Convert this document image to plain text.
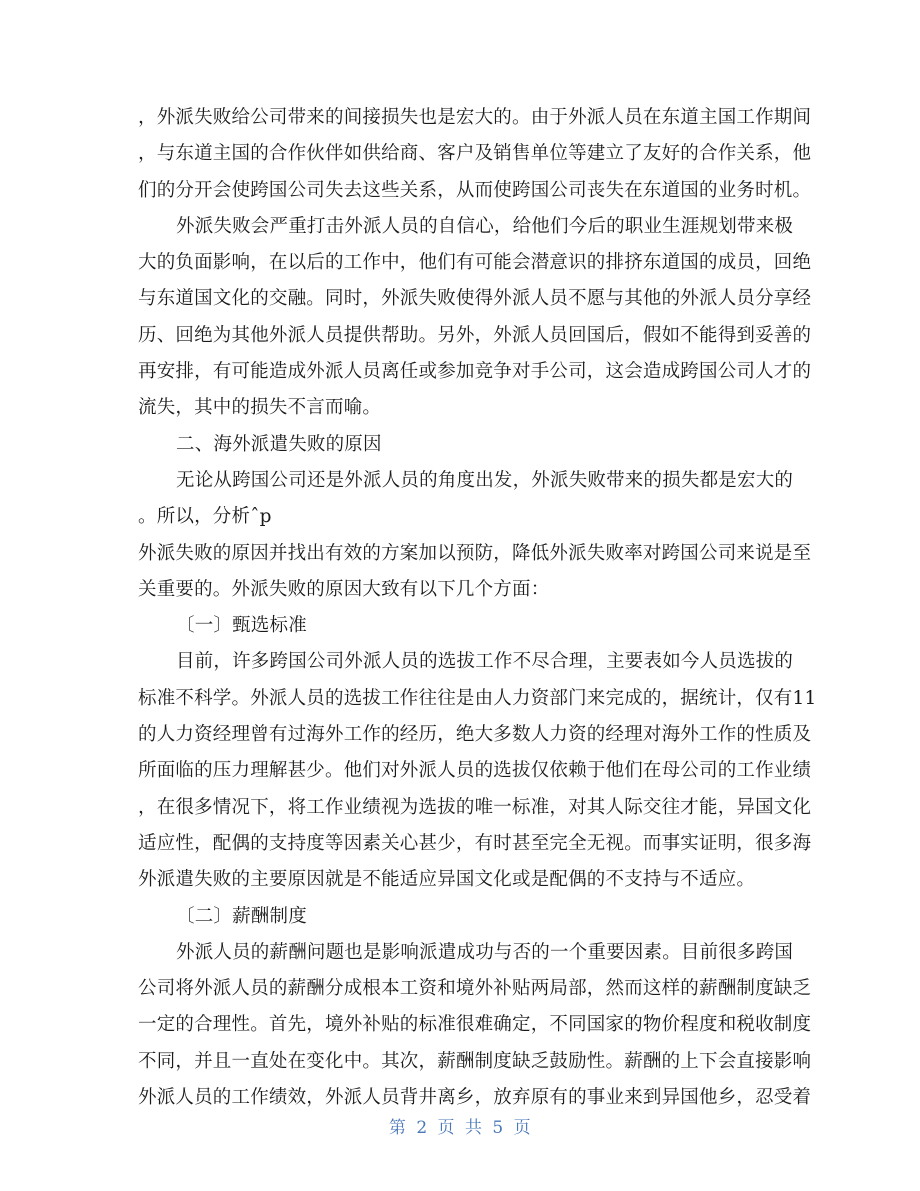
，外派失败给公司带来的间接损失也是宏大的。由于外派人员在东道主国工作期间
，与东道主国的合作伙伴如供给商、客户及销售单位等建立了友好的合作关系，他
们的分开会使跨国公司失去这些关系，从而使跨国公司丧失在东道国的业务时机。
外派失败会严重打击外派人员的自信心，给他们今后的职业生涯规划带来极
大的负面影响，在以后的工作中，他们有可能会潜意识的排挤东道国的成员，回绝
与东道国文化的交融。同时，外派失败使得外派人员不愿与其他的外派人员分享经
历、回绝为其他外派人员提供帮助。另外，外派人员回国后，假如不能得到妥善的
再安排，有可能造成外派人员离任或参加竞争对手公司，这会造成跨国公司人才的
流失，其中的损失不言而喻。
二、海外派遣失败的原因
无论从跨国公司还是外派人员的角度出发，外派失败带来的损失都是宏大的
。所以，分析ˆp
外派失败的原因并找出有效的方案加以预防，降低外派失败率对跨国公司来说是至
关重要的。外派失败的原因大致有以下几个方面：
〔一〕甄选标准
目前，许多跨国公司外派人员的选拔工作不尽合理，主要表如今人员选拔的
标准不科学。外派人员的选拔工作往往是由人力资部门来完成的，据统计，仅有11
的人力资经理曾有过海外工作的经历，绝大多数人力资的经理对海外工作的性质及
所面临的压力理解甚少。他们对外派人员的选拔仅依赖于他们在母公司的工作业绩
，在很多情况下，将工作业绩视为选拔的唯一标准，对其人际交往才能，异国文化
适应性，配偶的支持度等因素关心甚少，有时甚至完全无视。而事实证明，很多海
外派遣失败的主要原因就是不能适应异国文化或是配偶的不支持与不适应。
〔二〕薪酬制度
外派人员的薪酬问题也是影响派遣成功与否的一个重要因素。目前很多跨国
公司将外派人员的薪酬分成根本工资和境外补贴两局部，然而这样的薪酬制度缺乏
一定的合理性。首先，境外补贴的标准很难确定，不同国家的物价程度和税收制度
不同，并且一直处在变化中。其次，薪酬制度缺乏鼓励性。薪酬的上下会直接影响
外派人员的工作绩效，外派人员背井离乡，放弃原有的事业来到异国他乡，忍受着
第 2 页 共 5 页
